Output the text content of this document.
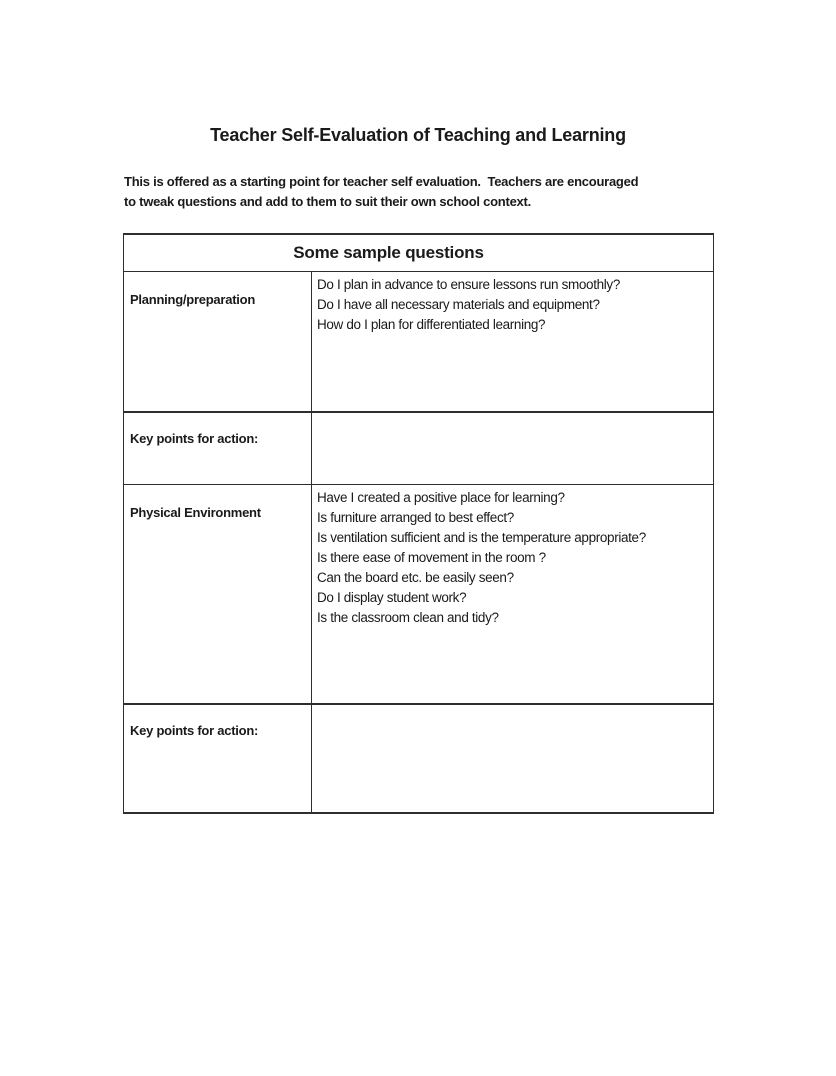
Teacher Self-Evaluation of Teaching and Learning
This is offered as a starting point for teacher self evaluation.  Teachers are encouraged
to tweak questions and add to them to suit their own school context.
Some sample questions
Planning/preparation
Do I plan in advance to ensure lessons run smoothly?
Do I have all necessary materials and equipment?
How do I plan for differentiated learning?
Key points for action:
Physical Environment
Have I created a positive place for learning?
Is furniture arranged to best effect?
Is ventilation sufficient and is the temperature appropriate?
Is there ease of movement in the room ?
Can the board etc. be easily seen?
Do I display student work?
Is the classroom clean and tidy?
Key points for action:
